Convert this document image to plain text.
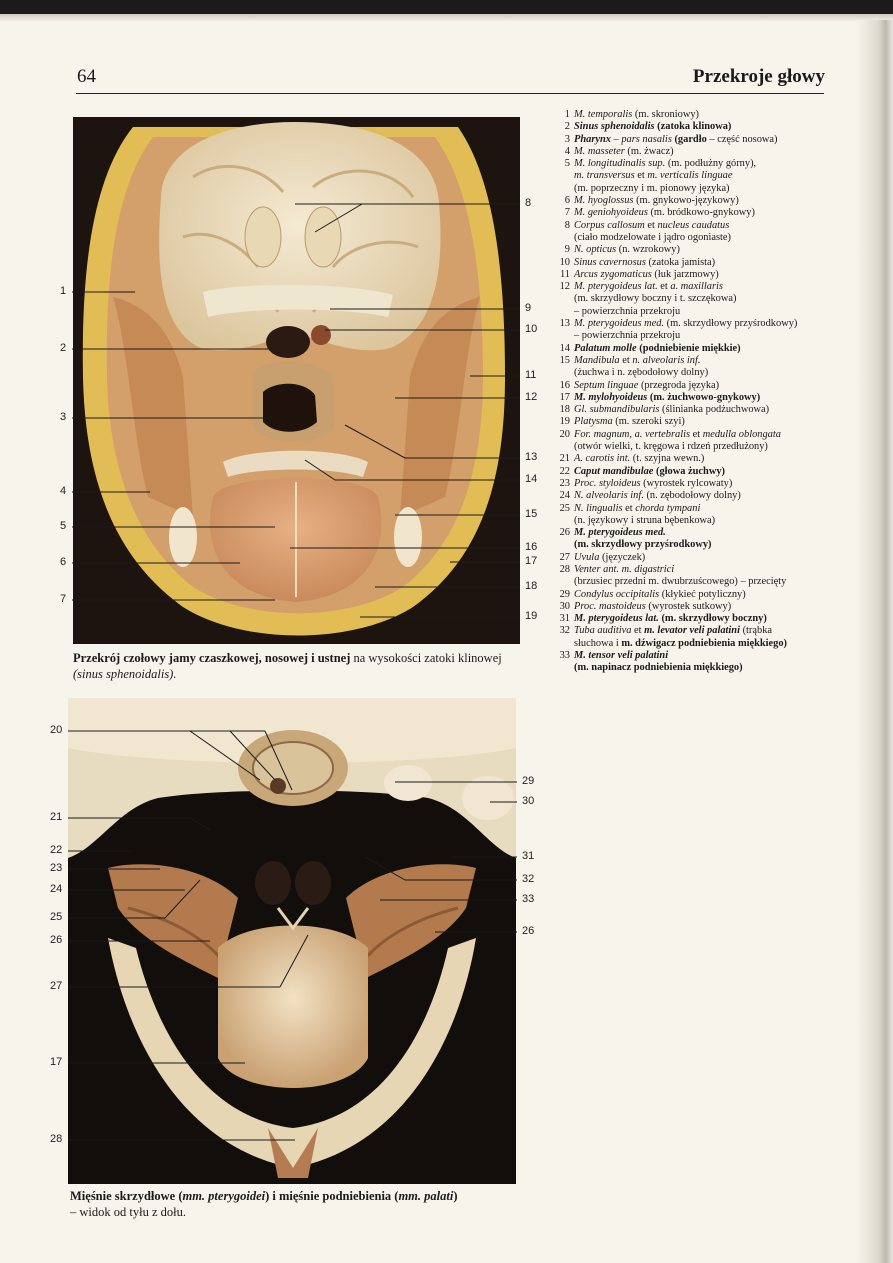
64	Przekroje głowy
1
2
3
4
5
6
7
8
9
10
11
12
13
14
15
16
17
18
19
20
21
22
23
24
25
26
27
17
28
29
30
31
32
33
26
Przekrój czołowy jamy czaszkowej, nosowej i ustnej na wysokości zatoki klinowej
(sinus sphenoidalis).
Mięśnie skrzydłowe (mm. pterygoidei) i mięśnie podniebienia (mm. palati)
– widok od tyłu z dołu.
1 M. temporalis (m. skroniowy)
2 Sinus sphenoidalis (zatoka klinowa)
3 Pharynx – pars nasalis (gardło – część nosowa)
4 M. masseter (m. żwacz)
5 M. longitudinalis sup. (m. podłużny górny),
m. transversus et m. verticalis linguae
(m. poprzeczny i m. pionowy języka)
6 M. hyoglossus (m. gnykowo-językowy)
7 M. geniohyoideus (m. bródkowo-gnykowy)
8 Corpus callosum et nucleus caudatus
(ciało modzelowate i jądro ogoniaste)
9 N. opticus (n. wzrokowy)
10 Sinus cavernosus (zatoka jamista)
11 Arcus zygomaticus (łuk jarzmowy)
12 M. pterygoideus lat. et a. maxillaris
(m. skrzydłowy boczny i t. szczękowa)
– powierzchnia przekroju
13 M. pterygoideus med. (m. skrzydłowy przyśrodkowy)
– powierzchnia przekroju
14 Palatum molle (podniebienie miękkie)
15 Mandibula et n. alveolaris inf.
(żuchwa i n. zębodołowy dolny)
16 Septum linguae (przegroda języka)
17 M. mylohyoideus (m. żuchwowo-gnykowy)
18 Gl. submandibularis (ślinianka podżuchwowa)
19 Platysma (m. szeroki szyi)
20 For. magnum, a. vertebralis et medulla oblongata
(otwór wielki, t. kręgowa i rdzeń przedłużony)
21 A. carotis int. (t. szyjna wewn.)
22 Caput mandibulae (głowa żuchwy)
23 Proc. styloideus (wyrostek rylcowaty)
24 N. alveolaris inf. (n. zębodołowy dolny)
25 N. lingualis et chorda tympani
(n. językowy i struna bębenkowa)
26 M. pterygoideus med.
(m. skrzydłowy przyśrodkowy)
27 Uvula (języczek)
28 Venter ant. m. digastrici
(brzusiec przedni m. dwubrzuścowego) – przecięty
29 Condylus occipitalis (kłykieć potyliczny)
30 Proc. mastoideus (wyrostek sutkowy)
31 M. pterygoideus lat. (m. skrzydłowy boczny)
32 Tuba auditiva et m. levator veli palatini (trąbka
słuchowa i m. dźwigacz podniebienia miękkiego)
33 M. tensor veli palatini
(m. napinacz podniebienia miękkiego)
